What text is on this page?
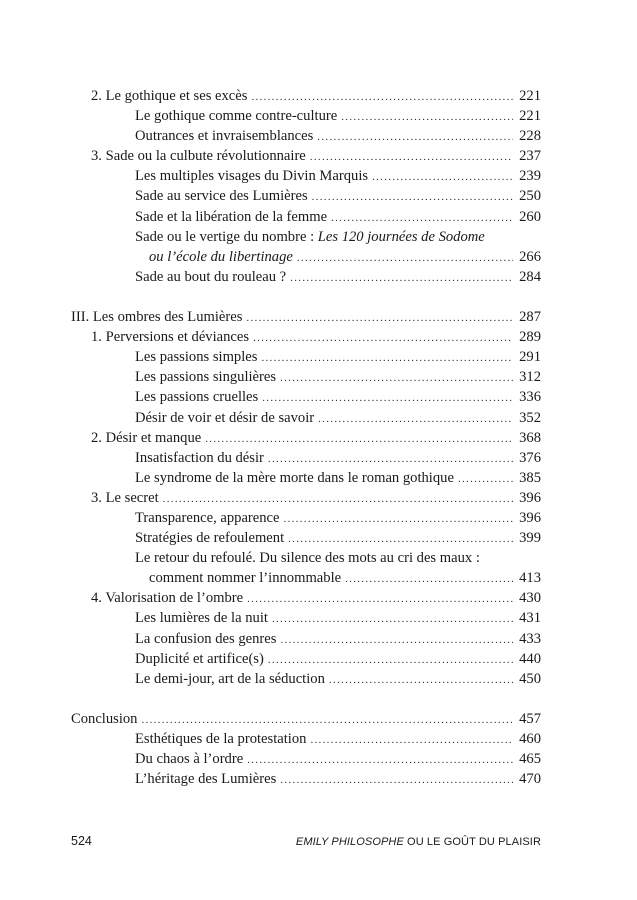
2. Le gothique et ses excès .....	221
Le gothique comme contre-culture .....	221
Outrances et invraisemblances .....	228
3. Sade ou la culbute révolutionnaire .....	237
Les multiples visages du Divin Marquis .....	239
Sade au service des Lumières .....	250
Sade et la libération de la femme .....	260
Sade ou le vertige du nombre : Les 120 journées de Sodome
ou l’école du libertinage .....	266
Sade au bout du rouleau ? .....	284
III. Les ombres des Lumières .....	287
1. Perversions et déviances .....	289
Les passions simples .....	291
Les passions singulières .....	312
Les passions cruelles .....	336
Désir de voir et désir de savoir .....	352
2. Désir et manque .....	368
Insatisfaction du désir .....	376
Le syndrome de la mère morte dans le roman gothique .....	385
3. Le secret .....	396
Transparence, apparence .....	396
Stratégies de refoulement .....	399
Le retour du refoulé. Du silence des mots au cri des maux :
comment nommer l’innommable .....	413
4. Valorisation de l’ombre .....	430
Les lumières de la nuit .....	431
La confusion des genres .....	433
Duplicité et artifice(s) .....	440
Le demi-jour, art de la séduction .....	450
Conclusion .....	457
Esthétiques de la protestation .....	460
Du chaos à l’ordre .....	465
L’héritage des Lumières .....	470
524	EMILY PHILOSOPHE OU LE GOÛT DU PLAISIR
